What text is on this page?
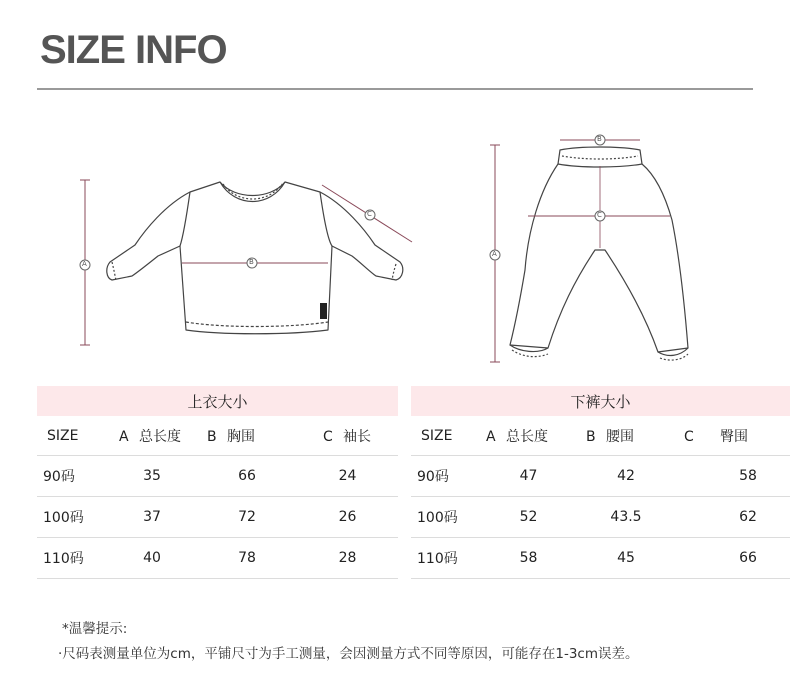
SIZE INFO
A	B
C
A
B
C
上衣大小			
SIZE	A 总长度	B 胸围	C 袖长
90码	35	66	24
100码	37	72	26
110码	40	78	28
下裤大小			
SIZE	A 总长度	B 腰围	C 臀围
90码	47	42	58
100码	52	43.5	62
110码	58	45	66

*温馨提示:

·尺码表测量单位为cm，平铺尺寸为手工测量，会因测量方式不同等原因，可能存在1-3cm误差。
